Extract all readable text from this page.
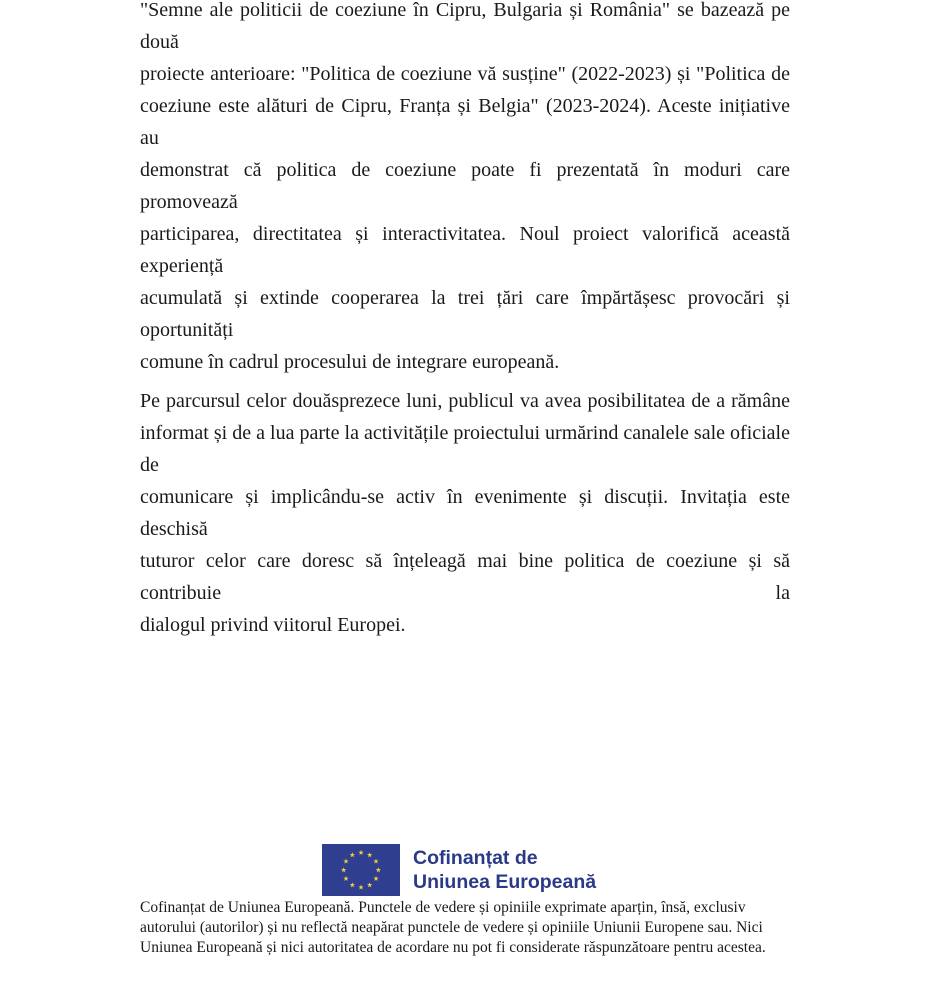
"Semne ale politicii de coeziune în Cipru, Bulgaria și România" se bazează pe două
proiecte anterioare: "Politica de coeziune vă susține" (2022-2023) și "Politica de
coeziune este alături de Cipru, Franța și Belgia" (2023-2024). Aceste inițiative au
demonstrat că politica de coeziune poate fi prezentată în moduri care promovează
participarea, directitatea și interactivitatea. Noul proiect valorifică această experiență
acumulată și extinde cooperarea la trei țări care împărtășesc provocări și oportunități
comune în cadrul procesului de integrare europeană.
Pe parcursul celor douăsprezece luni, publicul va avea posibilitatea de a rămâne
informat și de a lua parte la activitățile proiectului urmărind canalele sale oficiale de
comunicare și implicându-se activ în evenimente și discuții. Invitația este deschisă
tuturor celor care doresc să înțeleagă mai bine politica de coeziune și să contribuie la
dialogul privind viitorul Europei.
Cofinanțat de
Uniunea Europeană
Cofinanțat de Uniunea Europeană. Punctele de vedere și opiniile exprimate aparțin, însă, exclusiv
autorului (autorilor) și nu reflectă neapărat punctele de vedere și opiniile Uniunii Europene sau. Nici
Uniunea Europeană și nici autoritatea de acordare nu pot fi considerate răspunzătoare pentru acestea.
